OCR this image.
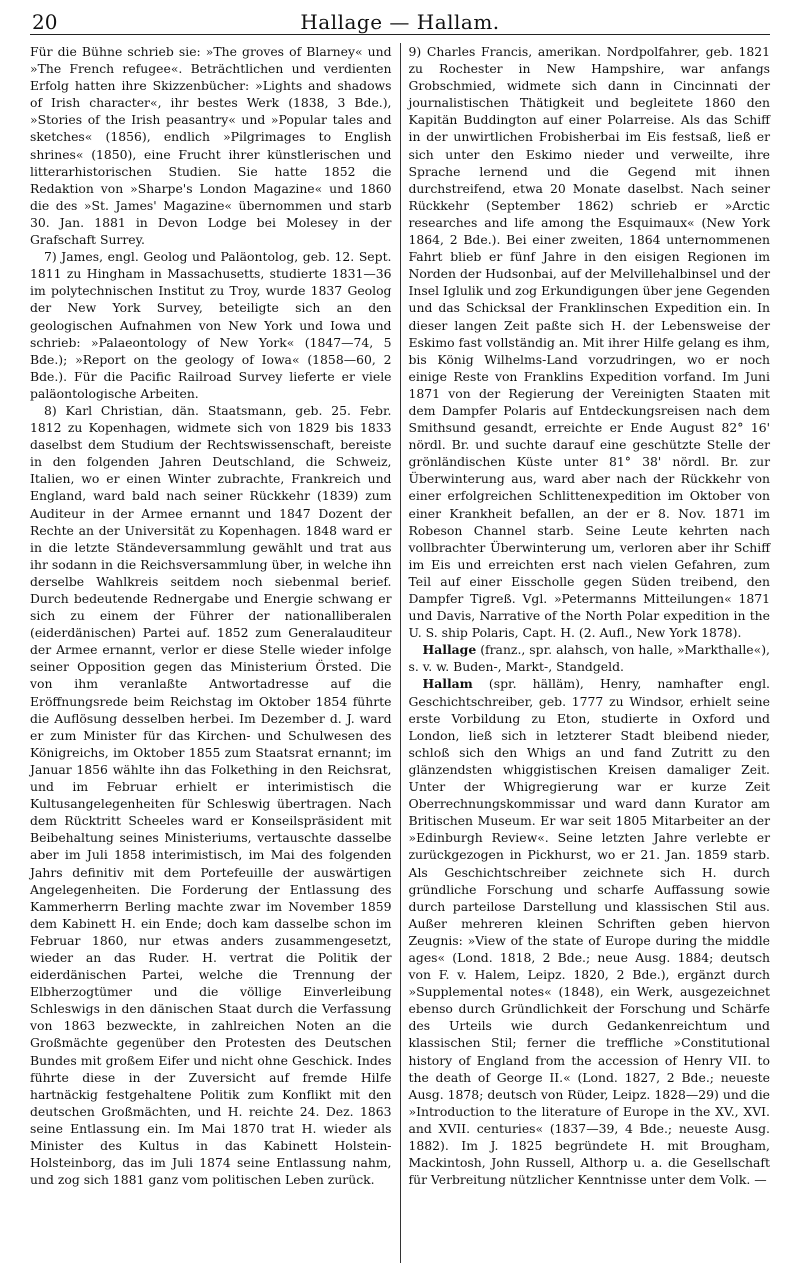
20	Hallage — Hallam.

Für die Bühne schrieb sie: »The groves of Blarney« und »The French refugee«. Beträchtlichen und verdienten Erfolg hatten ihre Skizzenbücher: »Lights and shadows of Irish character«, ihr bestes Werk (1838, 3 Bde.), »Stories of the Irish peasantry« und »Popular tales and sketches« (1856), endlich »Pilgrimages to English shrines« (1850), eine Frucht ihrer künstlerischen und litterarhistorischen Studien. Sie hatte 1852 die Redaktion von »Sharpe's London Magazine« und 1860 die des »St. James' Magazine« übernommen und starb 30. Jan. 1881 in Devon Lodge bei Molesey in der Grafschaft Surrey.

7) James, engl. Geolog und Paläontolog, geb. 12. Sept. 1811 zu Hingham in Massachusetts, studierte 1831—36 im polytechnischen Institut zu Troy, wurde 1837 Geolog der New York Survey, beteiligte sich an den geologischen Aufnahmen von New York und Iowa und schrieb: »Palaeontology of New York« (1847—74, 5 Bde.); »Report on the geology of Iowa« (1858—60, 2 Bde.). Für die Pacific Railroad Survey lieferte er viele paläontologische Arbeiten.

8) Karl Christian, dän. Staatsmann, geb. 25. Febr. 1812 zu Kopenhagen, widmete sich von 1829 bis 1833 daselbst dem Studium der Rechtswissenschaft, bereiste in den folgenden Jahren Deutschland, die Schweiz, Italien, wo er einen Winter zubrachte, Frankreich und England, ward bald nach seiner Rückkehr (1839) zum Auditeur in der Armee ernannt und 1847 Dozent der Rechte an der Universität zu Kopenhagen. 1848 ward er in die letzte Ständeversammlung gewählt und trat aus ihr sodann in die Reichsversammlung über, in welche ihn derselbe Wahlkreis seitdem noch siebenmal berief. Durch bedeutende Rednergabe und Energie schwang er sich zu einem der Führer der nationalliberalen (eiderdänischen) Partei auf. 1852 zum Generalauditeur der Armee ernannt, verlor er diese Stelle wieder infolge seiner Opposition gegen das Ministerium Örsted. Die von ihm veranlaßte Antwortadresse auf die Eröffnungsrede beim Reichstag im Oktober 1854 führte die Auflösung desselben herbei. Im Dezember d. J. ward er zum Minister für das Kirchen- und Schulwesen des Königreichs, im Oktober 1855 zum Staatsrat ernannt; im Januar 1856 wählte ihn das Folkething in den Reichsrat, und im Februar erhielt er interimistisch die Kultusangelegenheiten für Schleswig übertragen. Nach dem Rücktritt Scheeles ward er Konseilspräsident mit Beibehaltung seines Ministeriums, vertauschte dasselbe aber im Juli 1858 interimistisch, im Mai des folgenden Jahrs definitiv mit dem Portefeuille der auswärtigen Angelegenheiten. Die Forderung der Entlassung des Kammerherrn Berling machte zwar im November 1859 dem Kabinett H. ein Ende; doch kam dasselbe schon im Februar 1860, nur etwas anders zusammengesetzt, wieder an das Ruder. H. vertrat die Politik der eiderdänischen Partei, welche die Trennung der Elbherzogtümer und die völlige Einverleibung Schleswigs in den dänischen Staat durch die Verfassung von 1863 bezweckte, in zahlreichen Noten an die Großmächte gegenüber den Protesten des Deutschen Bundes mit großem Eifer und nicht ohne Geschick. Indes führte diese in der Zuversicht auf fremde Hilfe hartnäckig festgehaltene Politik zum Konflikt mit den deutschen Großmächten, und H. reichte 24. Dez. 1863 seine Entlassung ein. Im Mai 1870 trat H. wieder als Minister des Kultus in das Kabinett Holstein-Holsteinborg, das im Juli 1874 seine Entlassung nahm, und zog sich 1881 ganz vom politischen Leben zurück.

9) Charles Francis, amerikan. Nordpolfahrer, geb. 1821 zu Rochester in New Hampshire, war anfangs Grobschmied, widmete sich dann in Cincinnati der journalistischen Thätigkeit und begleitete 1860 den Kapitän Buddington auf einer Polarreise. Als das Schiff in der unwirtlichen Frobisherbai im Eis festsaß, ließ er sich unter den Eskimo nieder und verweilte, ihre Sprache lernend und die Gegend mit ihnen durchstreifend, etwa 20 Monate daselbst. Nach seiner Rückkehr (September 1862) schrieb er »Arctic researches and life among the Esquimaux« (New York 1864, 2 Bde.). Bei einer zweiten, 1864 unternommenen Fahrt blieb er fünf Jahre in den eisigen Regionen im Norden der Hudsonbai, auf der Melvillehalbinsel und der Insel Iglulik und zog Erkundigungen über jene Gegenden und das Schicksal der Franklinschen Expedition ein. In dieser langen Zeit paßte sich H. der Lebensweise der Eskimo fast vollständig an. Mit ihrer Hilfe gelang es ihm, bis König Wilhelms-Land vorzudringen, wo er noch einige Reste von Franklins Expedition vorfand. Im Juni 1871 von der Regierung der Vereinigten Staaten mit dem Dampfer Polaris auf Entdeckungsreisen nach dem Smithsund gesandt, erreichte er Ende August 82° 16' nördl. Br. und suchte darauf eine geschützte Stelle der grönländischen Küste unter 81° 38' nördl. Br. zur Überwinterung aus, ward aber nach der Rückkehr von einer erfolgreichen Schlittenexpedition im Oktober von einer Krankheit befallen, an der er 8. Nov. 1871 im Robeson Channel starb. Seine Leute kehrten nach vollbrachter Überwinterung um, verloren aber ihr Schiff im Eis und erreichten erst nach vielen Gefahren, zum Teil auf einer Eisscholle gegen Süden treibend, den Dampfer Tigreß. Vgl. »Petermanns Mitteilungen« 1871 und Davis, Narrative of the North Polar expedition in the U. S. ship Polaris, Capt. H. (2. Aufl., New York 1878).

Hallage (franz., spr. alahsch, von halle, »Markthalle«), s. v. w. Buden-, Markt-, Standgeld.

Hallam (spr. hälläm), Henry, namhafter engl. Geschichtschreiber, geb. 1777 zu Windsor, erhielt seine erste Vorbildung zu Eton, studierte in Oxford und London, ließ sich in letzterer Stadt bleibend nieder, schloß sich den Whigs an und fand Zutritt zu den glänzendsten whiggistischen Kreisen damaliger Zeit. Unter der Whigregierung war er kurze Zeit Oberrechnungskommissar und ward dann Kurator am Britischen Museum. Er war seit 1805 Mitarbeiter an der »Edinburgh Review«. Seine letzten Jahre verlebte er zurückgezogen in Pickhurst, wo er 21. Jan. 1859 starb. Als Geschichtschreiber zeichnete sich H. durch gründliche Forschung und scharfe Auffassung sowie durch parteilose Darstellung und klassischen Stil aus. Außer mehreren kleinen Schriften geben hiervon Zeugnis: »View of the state of Europe during the middle ages« (Lond. 1818, 2 Bde.; neue Ausg. 1884; deutsch von F. v. Halem, Leipz. 1820, 2 Bde.), ergänzt durch »Supplemental notes« (1848), ein Werk, ausgezeichnet ebenso durch Gründlichkeit der Forschung und Schärfe des Urteils wie durch Gedankenreichtum und klassischen Stil; ferner die treffliche »Constitutional history of England from the accession of Henry VII. to the death of George II.« (Lond. 1827, 2 Bde.; neueste Ausg. 1878; deutsch von Rüder, Leipz. 1828—29) und die »Introduction to the literature of Europe in the XV., XVI. and XVII. centuries« (1837—39, 4 Bde.; neueste Ausg. 1882). Im J. 1825 begründete H. mit Brougham, Mackintosh, John Russell, Althorp u. a. die Gesellschaft für Verbreitung nützlicher Kenntnisse unter dem Volk. —
